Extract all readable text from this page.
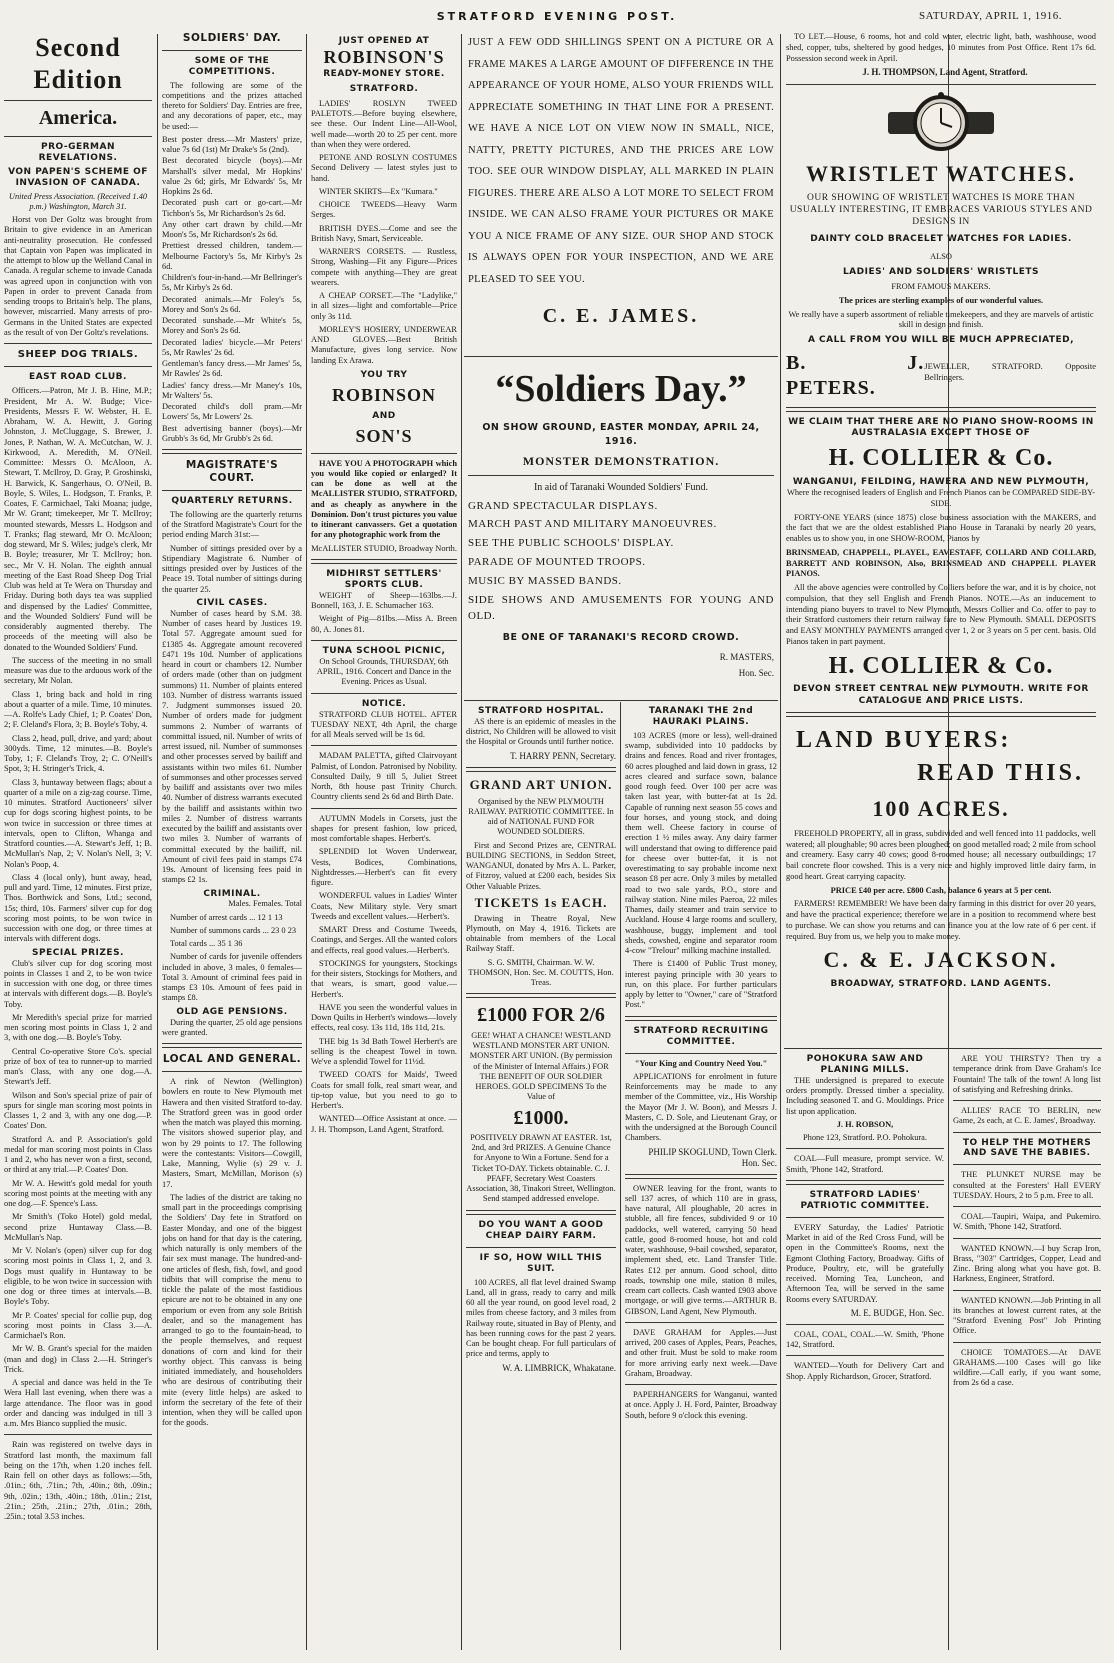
STRATFORD EVENING POST.	SATURDAY, APRIL 1, 1916.
Second Edition
America.
PRO-GERMAN REVELATIONS.
VON PAPEN'S SCHEME OF INVASION OF CANADA.

United Press Association. (Received 1.40 p.m.) Washington, March 31.

Horst von Der Goltz was brought from Britain to give evidence in an American anti-neutrality prosecution. He confessed that Captain von Papen was implicated in the attempt to blow up the Welland Canal in Canada. A regular scheme to invade Canada was agreed upon in conjunction with von Papen in order to prevent Canada from sending troops to Britain's help. The plans, however, miscarried. Many arrests of pro-Germans in the United States are expected as the result of von Der Goltz's revelations.

SHEEP DOG TRIALS.
EAST ROAD CLUB.

Officers.—Patron, Mr J. B. Hine, M.P.; President, Mr A. W. Budge; Vice-Presidents, Messrs F. W. Webster, H. E. Abraham, W. A. Hewitt, J. Goring Johnston, J. McCluggage, S. Brewer, J. Jones, P. Nathan, W. A. McCutchan, W. J. Kirkwood, A. Meredith, M. O'Neil. Committee: Messrs O. McAloon, A. Stewart, T. McIlroy, D. Gray, P. Groshinski, H. Barwick, K. Sangerhaus, O. O'Neil, B. Boyle, S. Wiles, L. Hodgson, T. Franks, P. Coates, F. Carmichael, Taki Moana; judge, Mr W. Grant; timekeeper, Mr T. McIlroy; mounted stewards, Messrs L. Hodgson and T. Franks; flag steward, Mr O. McAloon; dog steward, Mr S. Wiles; judge's clerk, Mr B. Boyle; treasurer, Mr T. McIlroy; hon. sec., Mr V. H. Nolan. The eighth annual meeting of the East Road Sheep Dog Trial Club was held at Te Wera on Thursday and Friday. During both days tea was supplied and dispensed by the Ladies' Committee, and the Wounded Soldiers' Fund will be considerably augmented thereby. The proceeds of the meeting will also be donated to the Wounded Soldiers' Fund.

The success of the meeting in no small measure was due to the arduous work of the secretary, Mr Nolan.

Class 1, bring back and hold in ring about a quarter of a mile. Time, 10 minutes.—A. Rolfe's Lady Chief, 1; P. Coates' Don, 2; F. Cleland's Flora, 3; B. Boyle's Toby, 4.

Class 2, head, pull, drive, and yard; about 300yds. Time, 12 minutes.—B. Boyle's Toby, 1; F. Cleland's Troy, 2; C. O'Neill's Spot, 3; H. Stringer's Trick, 4.

Class 3, huntaway between flags; about a quarter of a mile on a zig-zag course. Time, 10 minutes. Stratford Auctioneers' silver cup for dogs scoring highest points, to be won twice in succession or three times at intervals, open to Clifton, Whanga and Stratford counties.—A. Stewart's Jeff, 1; B. McMullan's Nap, 2; V. Nolan's Nell, 3; V. Nolan's Poop, 4.

Class 4 (local only), hunt away, head, pull and yard. Time, 12 minutes. First prize, Thos. Borthwick and Sons, Ltd.; second, 15s; third, 10s. Farmers' silver cup for dog scoring most points, to be won twice in succession with one dog, or three times at intervals with different dogs.

SPECIAL PRIZES.

Club's silver cup for dog scoring most points in Classes 1 and 2, to be won twice in succession with one dog, or three times at intervals with different dogs.—B. Boyle's Toby.

Mr Meredith's special prize for married men scoring most points in Class 1, 2 and 3, with one dog.—B. Boyle's Toby.

Central Co-operative Store Co's. special prize of box of tea to runner-up to married man's Class, with any one dog.—A. Stewart's Jeff.

Wilson and Son's special prize of pair of spurs for single man scoring most points in Classes 1, 2 and 3, with any one dog.—P. Coates' Don.

Stratford A. and P. Association's gold medal for man scoring most points in Class 1 and 2, who has never won a first, second, or third at any trial.—P. Coates' Don.

Mr W. A. Hewitt's gold medal for youth scoring most points at the meeting with any one dog.—F. Spence's Lass.

Mr Smith's (Toko Hotel) gold medal, second prize Huntaway Class.—B. McMullan's Nap.

Mr V. Nolan's (open) silver cup for dog scoring most points in Class 1, 2, and 3. Dogs must qualify in Huntaway to be eligible, to be won twice in succession with one dog or three times at intervals.—B. Boyle's Toby.

Mr P. Coates' special for collie pup, dog scoring most points in Class 3.—A. Carmichael's Ron.

Mr W. B. Grant's special for the maiden (man and dog) in Class 2.—H. Stringer's Trick.

A special and dance was held in the Te Wera Hall last evening, when there was a large attendance. The floor was in good order and dancing was indulged in till 3 a.m. Mrs Bianco supplied the music.

Rain was registered on twelve days in Stratford last month, the maximum fall being on the 17th, when 1.20 inches fell. Rain fell on other days as follows:—5th, .01in.; 6th, .71in.; 7th, .40in.; 8th, .09in.; 9th, .02in.; 13th, .40in.; 18th, .01in.; 21st, .21in.; 25th, .21in.; 27th, .01in.; 28th, .25in.; total 3.53 inches.

SOLDIERS' DAY.
SOME OF THE COMPETITIONS.

The following are some of the competitions and the prizes attached thereto for Soldiers' Day. Entries are free, and any decorations of paper, etc., may be used:—

Best poster dress.—Mr Masters' prize, value 7s 6d (1st) Mr Drake's 5s (2nd).
Best decorated bicycle (boys).—Mr Marshall's silver medal, Mr Hopkins' value 2s 6d; girls, Mr Edwards' 5s, Mr Hopkins 2s 6d.
Decorated push cart or go-cart.—Mr Tichbon's 5s, Mr Richardson's 2s 6d.
Any other cart drawn by child.—Mr Moon's 5s, Mr Richardson's 2s 6d.
Prettiest dressed children, tandem.—Melbourne Factory's 5s, Mr Kirby's 2s 6d.
Children's four-in-hand.—Mr Bellringer's 5s, Mr Kirby's 2s 6d.
Decorated animals.—Mr Foley's 5s, Morey and Son's 2s 6d.
Decorated sunshade.—Mr White's 5s, Morey and Son's 2s 6d.
Decorated ladies' bicycle.—Mr Peters' 5s, Mr Rawles' 2s 6d.
Gentleman's fancy dress.—Mr James' 5s, Mr Rawles' 2s 6d.
Ladies' fancy dress.—Mr Maney's 10s, Mr Walters' 5s.
Decorated child's doll pram.—Mr Lowers' 5s, Mr Lowers' 2s.
Best advertising banner (boys).—Mr Grubb's 3s 6d, Mr Grubb's 2s 6d.
MAGISTRATE'S COURT.
QUARTERLY RETURNS.

The following are the quarterly returns of the Stratford Magistrate's Court for the period ending March 31st:—

Number of sittings presided over by a Stipendiary Magistrate 6. Number of sittings presided over by Justices of the Peace 19. Total number of sittings during the quarter 25.

CIVIL CASES.

Number of cases heard by S.M. 38. Number of cases heard by Justices 19. Total 57. Aggregate amount sued for £1385 4s. Aggregate amount recovered £471 19s 10d. Number of applications heard in court or chambers 12. Number of orders made (other than on judgment summons) 11. Number of plaints entered 103. Number of distress warrants issued 7. Judgment summonses issued 20. Number of orders made for judgment summons 2. Number of warrants of committal issued, nil. Number of writs of arrest issued, nil. Number of summonses and other processes served by bailiff and assistants within two miles 61. Number of summonses and other processes served by bailiff and assistants over two miles 40. Number of distress warrants executed by the bailiff and assistants within two miles 2. Number of distress warrants executed by the bailiff and assistants over two miles 3. Number of warrants of committal executed by the bailiff, nil. Amount of civil fees paid in stamps £74 19s. Amount of licensing fees paid in stamps £2 1s.

CRIMINAL.

Males. Females. Total

Number of arrest cards ... 12 1 13

Number of summons cards ... 23 0 23

Total cards ... 35 1 36

Number of cards for juvenile offenders included in above, 3 males, 0 females—Total 3. Amount of criminal fees paid in stamps £3 10s. Amount of fees paid in stamps £8.

OLD AGE PENSIONS.

During the quarter, 25 old age pensions were granted.

LOCAL AND GENERAL.

A rink of Newton (Wellington) bowlers en route to New Plymouth met Hawera and then visited Stratford to-day. The Stratford green was in good order when the match was played this morning. The visitors showed superior play, and won by 29 points to 17. The following were the contestants: Visitors—Cowgill, Lake, Manning, Wylie (s) 29 v. J. Masters, Smart, McMillan, Morison (s) 17.

The ladies of the district are taking no small part in the proceedings comprising the Soldiers' Day fete in Stratford on Easter Monday, and one of the biggest jobs on hand for that day is the catering, which naturally is only members of the fair sex must manage. The hundred-and-one articles of flesh, fish, fowl, and good tidbits that will comprise the menu to tickle the palate of the most fastidious epicure are not to be obtained in any one emporium or even from any sole British dealer, and so the management has arranged to go to the fountain-head, to the people themselves, and request donations of corn and kind for their worthy object. This canvass is being initiated immediately, and householders who are desirous of contributing their mite (every little helps) are asked to inform the secretary of the fete of their intention, when they will be called upon for the goods.

JUST OPENED AT
ROBINSON'S
READY-MONEY STORE.
STRATFORD.

LADIES' ROSLYN TWEED PALETOTS.—Before buying elsewhere, see these. Our Indent Line—All-Wool, well made—worth 20 to 25 per cent. more than when they were ordered.

PETONE AND ROSLYN COSTUMES Second Delivery — latest styles just to hand.

WINTER SKIRTS—Ex "Kumara."

CHOICE TWEEDS—Heavy Warm Serges.

BRITISH DYES.—Come and see the British Navy, Smart, Serviceable.

WARNER'S CORSETS. — Rustless, Strong, Washing—Fit any Figure—Prices compete with anything—They are great wearers.

A CHEAP CORSET.—The "Ladylike," in all sizes—light and comfortable—Price only 3s 11d.

MORLEY'S HOSIERY, UNDERWEAR AND GLOVES.—Best British Manufacture, gives long service. Now landing Ex Arawa.

YOU TRY
ROBINSON
AND
SON'S

HAVE YOU A PHOTOGRAPH which you would like copied or enlarged? It can be done as well at the McALLISTER STUDIO, STRATFORD, and as cheaply as anywhere in the Dominion. Don't trust pictures you value to itinerant canvassers. Get a quotation for any photographic work from the

McALLISTER STUDIO, Broadway North.

MIDHIRST SETTLERS' SPORTS CLUB.

WEIGHT of Sheep—163lbs.—J. Bonnell, 163, J. E. Schumacher 163.

Weight of Pig—81lbs.—Miss A. Breen 80, A. Jones 81.

TUNA SCHOOL PICNIC,

On School Grounds, THURSDAY, 6th APRIL, 1916. Concert and Dance in the Evening. Prices as Usual.

NOTICE.

STRATFORD CLUB HOTEL. AFTER TUESDAY NEXT, 4th April, the charge for all Meals served will be 1s 6d.

MADAM PALETTA, gifted Clairvoyant Palmist, of London. Patronised by Nobility. Consulted Daily, 9 till 5, Juliet Street North, 8th house past Trinity Church. Country clients send 2s 6d and Birth Date.

AUTUMN Models in Corsets, just the shapes for present fashion, low priced, most comfortable shapes. Herbert's.

SPLENDID lot Woven Underwear, Vests, Bodices, Combinations, Nightdresses.—Herbert's can fit every figure.

WONDERFUL values in Ladies' Winter Coats, New Military style. Very smart Tweeds and excellent values.—Herbert's.

SMART Dress and Costume Tweeds, Coatings, and Serges. All the wanted colors and effects, real good values.—Herbert's.

STOCKINGS for youngsters, Stockings for their sisters, Stockings for Mothers, and that wears, is smart, good value.—Herbert's.

HAVE you seen the wonderful values in Down Quilts in Herbert's windows—lovely effects, real cosy. 13s 11d, 18s 11d, 21s.

THE big 1s 3d Bath Towel Herbert's are selling is the cheapest Towel in town. We've a splendid Towel for 11½d.

TWEED COATS for Maids', Tweed Coats for small folk, real smart wear, and tip-top value, but you need to go to Herbert's.

WANTED—Office Assistant at once. — J. H. Thompson, Land Agent, Stratford.

JUST A FEW ODD SHILLINGS SPENT ON A PICTURE OR A FRAME MAKES A LARGE AMOUNT OF DIFFERENCE IN THE APPEARANCE OF YOUR HOME, ALSO YOUR FRIENDS WILL APPRECIATE SOMETHING IN THAT LINE FOR A PRESENT. WE HAVE A NICE LOT ON VIEW NOW IN SMALL, NICE, NATTY, PRETTY PICTURES, AND THE PRICES ARE LOW TOO. SEE OUR WINDOW DISPLAY, ALL MARKED IN PLAIN FIGURES. THERE ARE ALSO A LOT MORE TO SELECT FROM INSIDE. WE CAN ALSO FRAME YOUR PICTURES OR MAKE YOU A NICE FRAME OF ANY SIZE. OUR SHOP AND STOCK IS ALWAYS OPEN FOR YOUR INSPECTION, AND WE ARE PLEASED TO SEE YOU.

C. E. JAMES.
“Soldiers Day.”
ON SHOW GROUND, EASTER MONDAY, APRIL 24, 1916.
MONSTER DEMONSTRATION.

In aid of Taranaki Wounded Soldiers' Fund.

GRAND SPECTACULAR DISPLAYS.

MARCH PAST AND MILITARY MANOEUVRES.

SEE THE PUBLIC SCHOOLS' DISPLAY.

PARADE OF MOUNTED TROOPS.

MUSIC BY MASSED BANDS.

SIDE SHOWS AND AMUSEMENTS FOR YOUNG AND OLD.

BE ONE OF TARANAKI'S RECORD CROWD.

R. MASTERS,

Hon. Sec.

STRATFORD HOSPITAL.

AS there is an epidemic of measles in the district, No Children will be allowed to visit the Hospital or Grounds until further notice.

T. HARRY PENN, Secretary.

GRAND ART UNION.

Organised by the NEW PLYMOUTH RAILWAY. PATRIOTIC COMMITTEE. In aid of NATIONAL FUND FOR WOUNDED SOLDIERS.

First and Second Prizes are, CENTRAL BUILDING SECTIONS, in Seddon Street, WANGANUI, donated by Mrs A. L. Parker, of Fitzroy, valued at £200 each, besides Six Other Valuable Prizes.

TICKETS 1s EACH.

Drawing in Theatre Royal, New Plymouth, on May 4, 1916. Tickets are obtainable from members of the Local Railway Staff.

S. G. SMITH, Chairman. W. W. THOMSON, Hon. Sec. M. COUTTS, Hon. Treas.

£1000 FOR 2/6

GEE! WHAT A CHANCE! WESTLAND WESTLAND MONSTER ART UNION. MONSTER ART UNION. (By permission of the Minister of Internal Affairs.) FOR THE BENEFIT OF OUR SOLDIER HEROES. GOLD SPECIMENS To the Value of

£1000.

POSITIVELY DRAWN AT EASTER. 1st, 2nd, and 3rd PRIZES. A Genuine Chance for Anyone to Win a Fortune. Send for a Ticket TO-DAY. Tickets obtainable. C. J. PFAFF, Secretary West Coasters Association, 38, Tinakori Street, Wellington. Send stamped addressed envelope.

DO YOU WANT A GOOD CHEAP DAIRY FARM.
IF SO, HOW WILL THIS SUIT.

100 ACRES, all flat level drained Swamp Land, all in grass, ready to carry and milk 60 all the year round, on good level road, 2 miles from cheese factory, and 3 miles from Railway route, situated in Bay of Plenty, and has been running cows for the past 2 years. Can be bought cheap. For full particulars of price and terms, apply to

W. A. LIMBRICK, Whakatane.

TARANAKI THE 2nd HAURAKI PLAINS.

103 ACRES (more or less), well-drained swamp, subdivided into 10 paddocks by drains and fences. Road and river frontages, 60 acres ploughed and laid down in grass, 12 acres cleared and surface sown, balance good rough feed. Over 100 per acre was taken last year, with butter-fat at 1s 2d. Capable of running next season 55 cows and four horses, and young stock, and doing them well. Cheese factory in course of erection 1 ½ miles away. Any dairy farmer will understand that owing to difference paid for cheese over butter-fat, it is not overestimating to say probable income next season £8 per acre. Only 3 miles by metalled road to two sale yards, P.O., store and railway station. Nine miles Paeroa, 22 miles Thames, daily steamer and train service to Auckland. House 4 large rooms and scullery, washhouse, buggy, implement and tool sheds, cowshed, engine and separator room 4-cow "Trelour" milking machine installed.

There is £1400 of Public Trust money, interest paying principle with 30 years to run, on this place. For further particulars apply by letter to "Owner," care of "Stratford Post."

STRATFORD RECRUITING COMMITTEE.

"Your King and Country Need You."

APPLICATIONS for enrolment in future Reinforcements may be made to any member of the Committee, viz., His Worship the Mayor (Mr J. W. Boon), and Messrs J. Masters, C. D. Sole, and Lieutenant Gray, or with the undersigned at the Borough Council Chambers.

PHILIP SKOGLUND, Town Clerk. Hon. Sec.

OWNER leaving for the front, wants to sell 137 acres, of which 110 are in grass, have natural, All ploughable, 20 acres in stubble, all fire fences, subdivided 9 or 10 paddocks, well watered, carrying 50 head cattle, good 8-roomed house, hot and cold water, washhouse, 9-bail cowshed, separator, implement shed, etc. Land Transfer Title. Rates £12 per annum. Good school, ditto roads, township one mile, station 8 miles, cream cart collects. Cash wanted £903 above mortgage, or will give terms.—ARTHUR B. GIBSON, Land Agent, New Plymouth.

DAVE GRAHAM for Apples.—Just arrived, 200 cases of Apples, Pears, Peaches, and other fruit. Must be sold to make room for more arriving early next week.—Dave Graham, Broadway.

PAPERHANGERS for Wanganui, wanted at once. Apply J. H. Ford, Painter, Broadway South, before 9 o'clock this evening.

TO LET.—House, 6 rooms, hot and cold water, electric light, bath, washhouse, wood shed, copper, tubs, sheltered by good hedges, 10 minutes from Post Office. Rent 17s 6d. Possession second week in April.

J. H. THOMPSON, Land Agent, Stratford.

WRISTLET WATCHES.

OUR SHOWING OF WRISTLET WATCHES IS MORE THAN USUALLY INTERESTING, IT EMBRACES VARIOUS STYLES AND DESIGNS IN

DAINTY COLD BRACELET WATCHES FOR LADIES.

ALSO

LADIES' AND SOLDIERS' WRISTLETS

FROM FAMOUS MAKERS.

The prices are sterling examples of our wonderful values.

We really have a superb assortment of reliable timekeepers, and they are marvels of artistic skill in design and finish.

A CALL FROM YOU WILL BE MUCH APPRECIATED,
B. J. PETERS.
JEWELLER, STRATFORD. Opposite Bellringers.
WE CLAIM THAT THERE ARE NO PIANO SHOW-ROOMS IN AUSTRALASIA EXCEPT THOSE OF
H. COLLIER & Co.
WANGANUI, FEILDING, HAWERA AND NEW PLYMOUTH,

Where the recognised leaders of English and French Pianos can be COMPARED SIDE-BY-SIDE.

FORTY-ONE YEARS (since 1875) close business association with the MAKERS, and the fact that we are the oldest established Piano House in Taranaki by nearly 20 years, enables us to show you, in one SHOW-ROOM, Pianos by

BRINSMEAD, CHAPPELL, PLAYEL, EAVESTAFF, COLLARD AND COLLARD, BARRETT AND ROBINSON, Also, BRINSMEAD AND CHAPPELL PLAYER PIANOS.

All the above agencies were controlled by Colliers before the war, and it is by choice, not compulsion, that they sell English and French Pianos. NOTE.—As an inducement to intending piano buyers to travel to New Plymouth, Messrs Collier and Co. offer to pay to their Stratford customers their return railway fare to New Plymouth. SMALL DEPOSITS and EASY MONTHLY PAYMENTS arranged over 1, 2 or 3 years on 5 per cent. basis. Old Pianos taken in part payment.

H. COLLIER & Co.
DEVON STREET CENTRAL NEW PLYMOUTH. WRITE FOR CATALOGUE AND PRICE LISTS.
LAND BUYERS:
READ THIS.
100 ACRES.

FREEHOLD PROPERTY, all in grass, subdivided and well fenced into 11 paddocks, well watered; all ploughable; 90 acres been ploughed; on good metalled road; 2 mile from school and creamery. Easy carry 40 cows; good 8-roomed house; all necessary outbuildings; 17 bail concrete floor cowshed. This is a very nice and highly improved little dairy farm, in good heart. Great carrying capacity.

PRICE £40 per acre. £800 Cash, balance 6 years at 5 per cent.

FARMERS! REMEMBER! We have been dairy farming in this district for over 20 years, and have the practical experience; therefore we are in a position to recommend where best to purchase. We can show you returns and can finance you at the low rate of 6 per cent. if required. Buy from us, we help you to make money.

C. & E. JACKSON.
BROADWAY, STRATFORD. LAND AGENTS.
POHOKURA SAW AND PLANING MILLS.

THE undersigned is prepared to execute orders promptly. Dressed timber a speciality. Including seasoned T. and G. Mouldings. Price list upon application.

J. H. ROBSON,

Phone 123, Stratford. P.O. Pohokura.

COAL—Full measure, prompt service. W. Smith, 'Phone 142, Stratford.

STRATFORD LADIES' PATRIOTIC COMMITTEE.

EVERY Saturday, the Ladies' Patriotic Market in aid of the Red Cross Fund, will be open in the Committee's Rooms, next the Egmont Clothing Factory, Broadway. Gifts of Produce, Poultry, etc, will be gratefully received. Morning Tea, Luncheon, and Afternoon Tea, will be served in the same Rooms every SATURDAY.

M. E. BUDGE, Hon. Sec.

COAL, COAL, COAL.—W. Smith, 'Phone 142, Stratford.

WANTED—Youth for Delivery Cart and Shop. Apply Richardson, Grocer, Stratford.

ARE YOU THIRSTY? Then try a temperance drink from Dave Graham's Ice Fountain! The talk of the town! A long list of satisfying and Refreshing drinks.

ALLIES' RACE TO BERLIN, new Game, 2s each, at C. E. James', Broadway.

TO HELP THE MOTHERS AND SAVE THE BABIES.

THE PLUNKET NURSE may be consulted at the Foresters' Hall EVERY TUESDAY. Hours, 2 to 5 p.m. Free to all.

COAL—Taupiri, Waipa, and Pukemiro. W. Smith, 'Phone 142, Stratford.

WANTED KNOWN.—I buy Scrap Iron, Brass, "303" Cartridges, Copper, Lead and Zinc. Bring along what you have got. B. Harkness, Engineer, Stratford.

WANTED KNOWN.—Job Printing in all its branches at lowest current rates, at the "Stratford Evening Post" Job Printing Office.

CHOICE TOMATOES.—At DAVE GRAHAMS.—100 Cases will go like wildfire.—Call early, if you want some, from 2s 6d a case.
